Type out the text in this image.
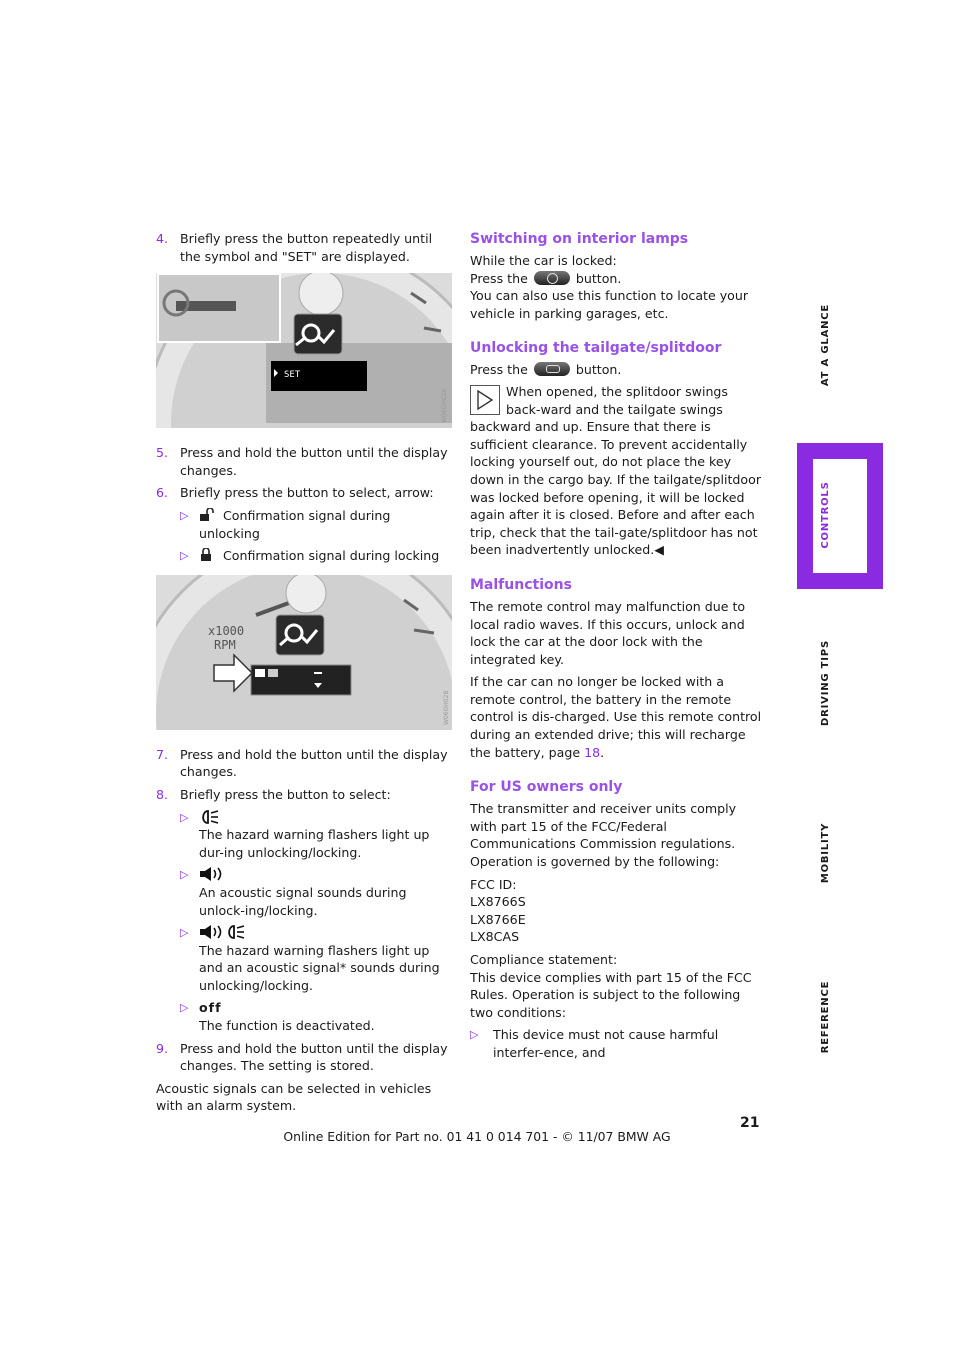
4. Briefly press the button repeatedly until the symbol and "SET" are displayed.
SET
W06GH02A
5. Press and hold the button until the display changes.
6. Briefly press the button to select, arrow:
▷	Confirmation signal during unlocking
▷	Confirmation signal during locking
x1000
RPM
W06GH02B
7. Press and hold the button until the display changes.
8. Briefly press the button to select:
▷

The hazard warning flashers light up dur-ing unlocking/locking.
▷

An acoustic signal sounds during unlock-ing/locking.
▷

The hazard warning flashers light up and an acoustic signal* sounds during unlocking/locking.
▷ off
The function is deactivated.
9. Press and hold the button until the display changes. The setting is stored.
Acoustic signals can be selected in vehicles with an alarm system.
Switching on interior lamps
While the car is locked:
Press the	button.
You can also use this function to locate your vehicle in parking garages, etc.
Unlocking the tailgate/splitdoor
Press the	button.
When opened, the splitdoor swings back-ward and the tailgate swings backward and up. Ensure that there is sufficient clearance. To prevent accidentally locking yourself out, do not place the key down in the cargo bay. If the tailgate/splitdoor was locked before opening, it will be locked again after it is closed. Before and after each trip, check that the tail-gate/splitdoor has not been inadvertently unlocked.◀
Malfunctions
The remote control may malfunction due to local radio waves. If this occurs, unlock and lock the car at the door lock with the integrated key.
If the car can no longer be locked with a remote control, the battery in the remote control is dis-charged. Use this remote control during an extended drive; this will recharge the battery, page 18.
For US owners only
The transmitter and receiver units comply with part 15 of the FCC/Federal Communications Commission regulations. Operation is governed by the following:
FCC ID:
LX8766S
LX8766E
LX8CAS
Compliance statement:
This device complies with part 15 of the FCC Rules. Operation is subject to the following two conditions:
▷ This device must not cause harmful interfer-ence, and
AT A GLANCE
CONTROLS
DRIVING TIPS
MOBILITY
REFERENCE
21
Online Edition for Part no. 01 41 0 014 701 - © 11/07 BMW AG
